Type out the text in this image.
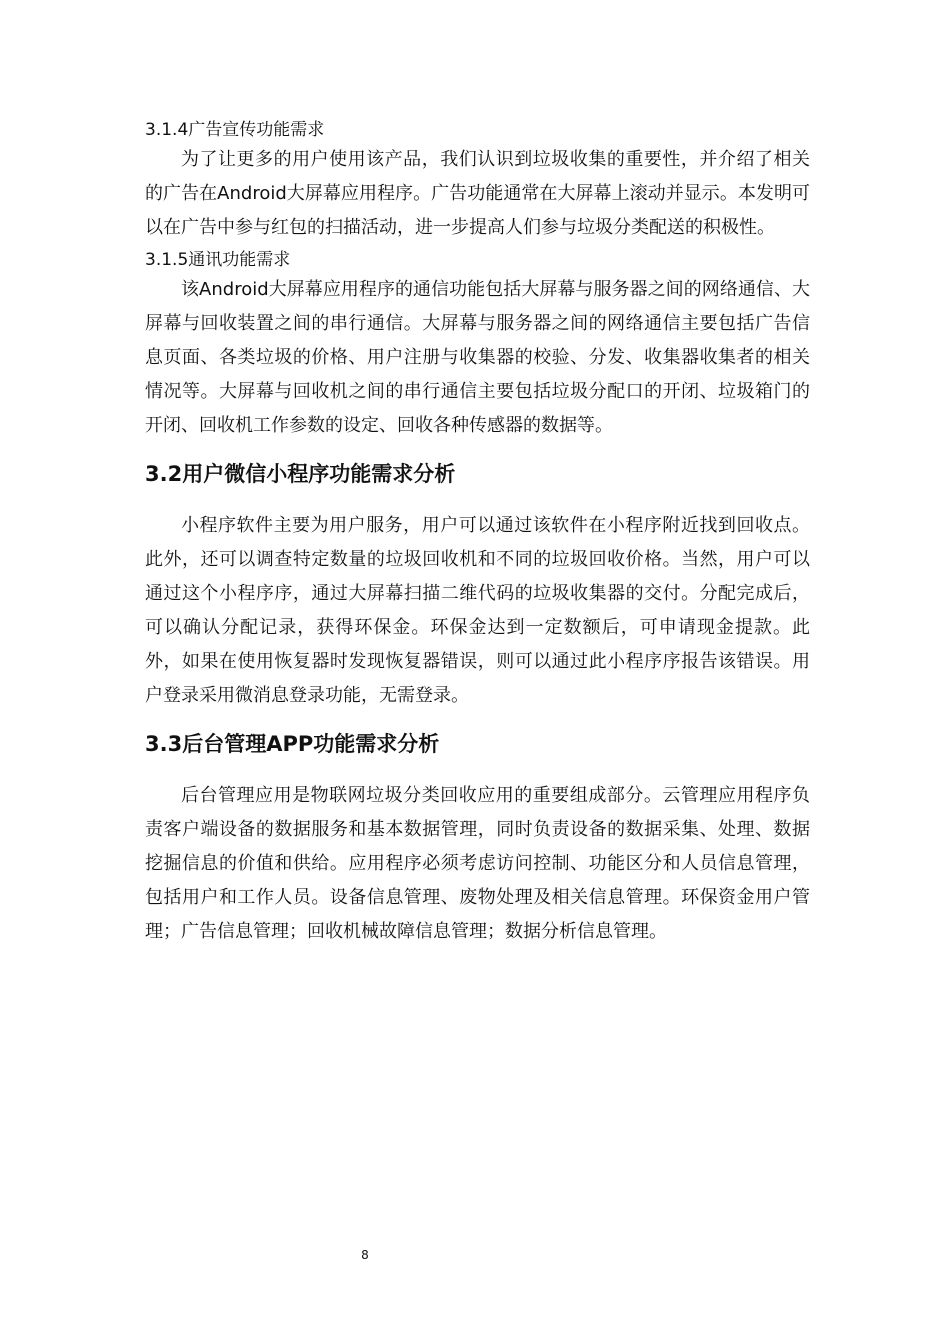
3.1.4广告宣传功能需求

为了让更多的用户使用该产品，我们认识到垃圾收集的重要性，并介绍了相关的广告在Android大屏幕应用程序。广告功能通常在大屏幕上滚动并显示。本发明可以在广告中参与红包的扫描活动，进一步提高人们参与垃圾分类配送的积极性。

3.1.5通讯功能需求

该Android大屏幕应用程序的通信功能包括大屏幕与服务器之间的网络通信、大屏幕与回收装置之间的串行通信。大屏幕与服务器之间的网络通信主要包括广告信息页面、各类垃圾的价格、用户注册与收集器的校验、分发、收集器收集者的相关情况等。大屏幕与回收机之间的串行通信主要包括垃圾分配口的开闭、垃圾箱门的开闭、回收机工作参数的设定、回收各种传感器的数据等。

3.2用户微信小程序功能需求分析

小程序软件主要为用户服务，用户可以通过该软件在小程序附近找到回收点。此外，还可以调查特定数量的垃圾回收机和不同的垃圾回收价格。当然，用户可以通过这个小程序序，通过大屏幕扫描二维代码的垃圾收集器的交付。分配完成后，可以确认分配记录，获得环保金。环保金达到一定数额后，可申请现金提款。此外，如果在使用恢复器时发现恢复器错误，则可以通过此小程序序报告该错误。用户登录采用微消息登录功能，无需登录。

3.3后台管理APP功能需求分析

后台管理应用是物联网垃圾分类回收应用的重要组成部分。云管理应用程序负责客户端设备的数据服务和基本数据管理，同时负责设备的数据采集、处理、数据挖掘信息的价值和供给。应用程序必须考虑访问控制、功能区分和人员信息管理，包括用户和工作人员。设备信息管理、废物处理及相关信息管理。环保资金用户管理；广告信息管理；回收机械故障信息管理；数据分析信息管理。

8
